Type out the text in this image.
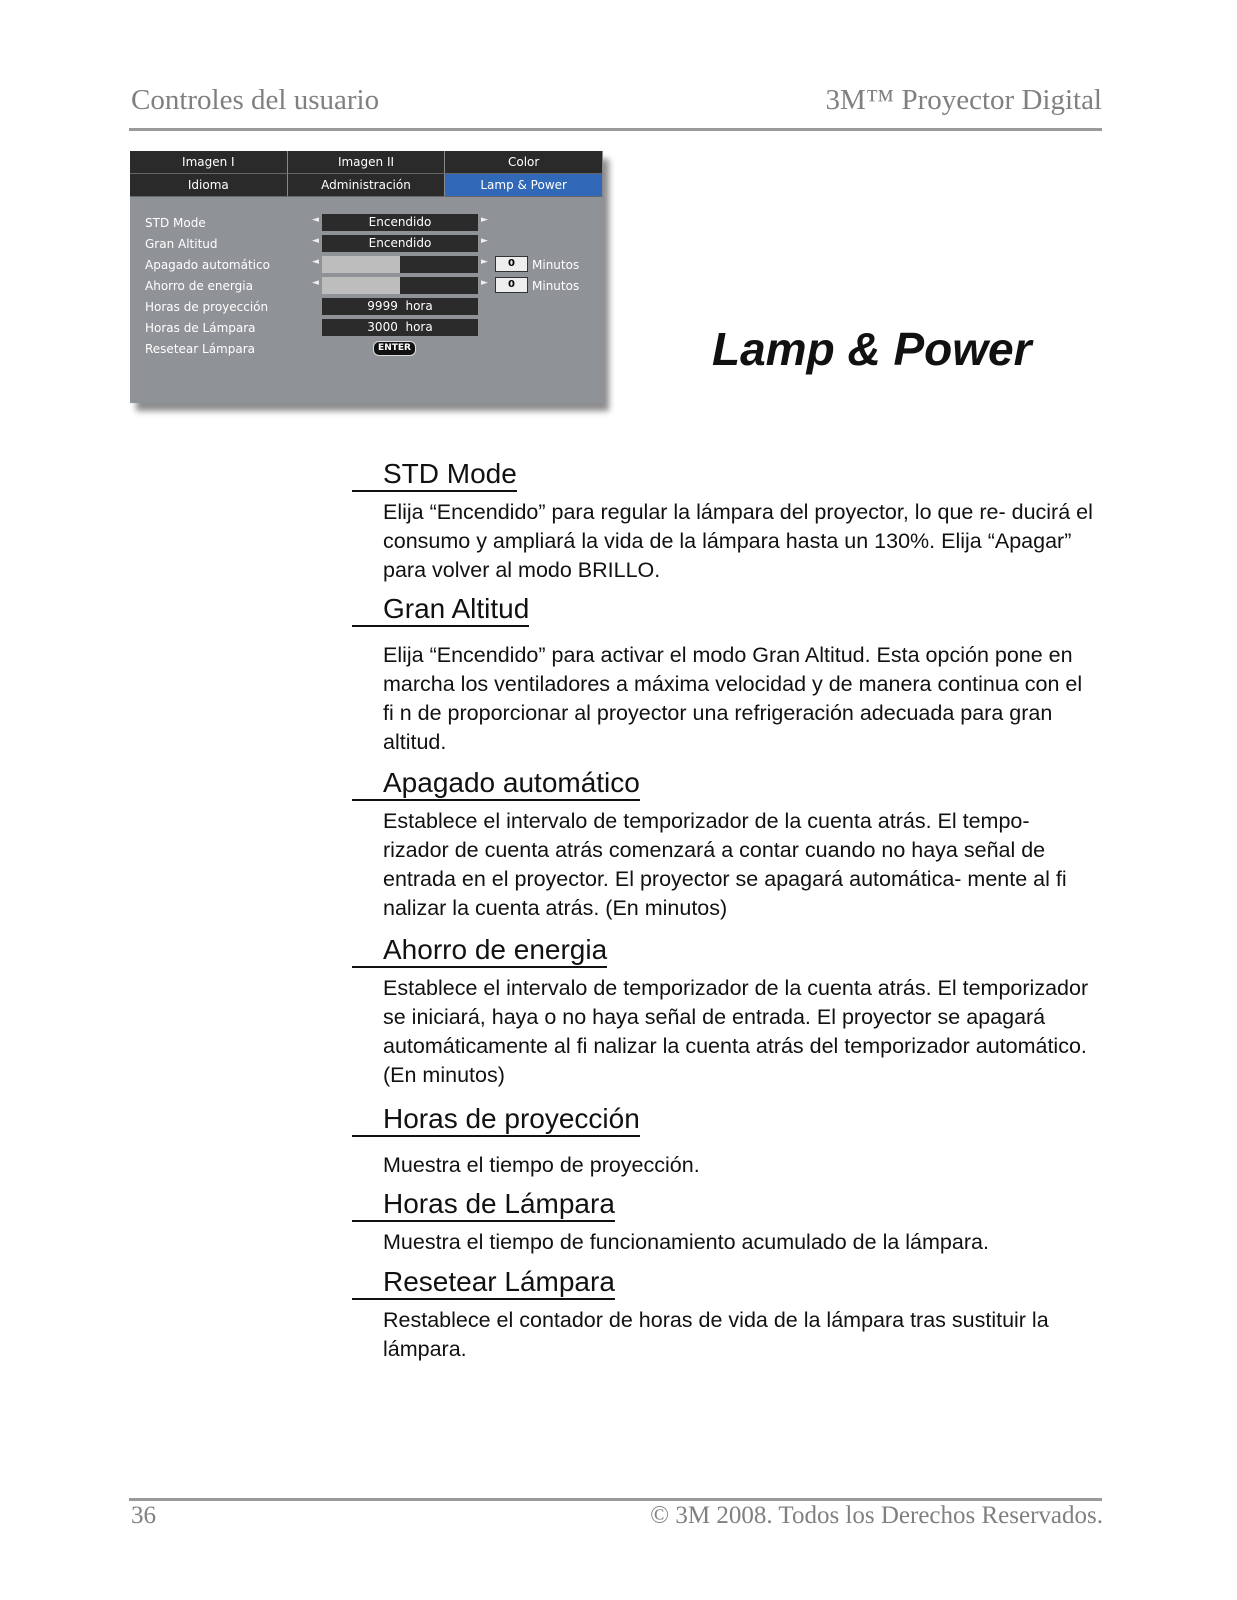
Controles del usuario	3M™ Proyector Digital
Imagen I	Imagen II	Color
Idioma	Administración	Lamp & Power
STD Mode	◄	Encendido	►
Gran Altitud	◄	Encendido	►
Apagado automático	◄	►	0	Minutos
Ahorro de energia	◄	►	0	Minutos
Horas de proyección	9999  hora
Horas de Lámpara	3000  hora
Resetear Lámpara	ENTER	Lamp & Power
STD Mode
Elija “Encendido” para regular la lámpara del proyector, lo que re- ducirá el consumo y ampliará la vida de la lámpara hasta un 130%. Elija “Apagar” para volver al modo BRILLO.
Gran Altitud
Elija “Encendido” para activar el modo Gran Altitud. Esta opción pone en marcha los ventiladores a máxima velocidad y de manera continua con el fi n de proporcionar al proyector una refrigeración adecuada para gran altitud.
Apagado automático
Establece el intervalo de temporizador de la cuenta atrás. El tempo- rizador de cuenta atrás comenzará a contar cuando no haya señal de entrada en el proyector. El proyector se apagará automática- mente al fi nalizar la cuenta atrás. (En minutos)
Ahorro de energia
Establece el intervalo de temporizador de la cuenta atrás. El temporizador se iniciará, haya o no haya señal de entrada. El proyector se apagará automáticamente al fi nalizar la cuenta atrás del temporizador automático. (En minutos)
Horas de proyección
Muestra el tiempo de proyección.
Horas de Lámpara
Muestra el tiempo de funcionamiento acumulado de la lámpara.
Resetear Lámpara
Restablece el contador de horas de vida de la lámpara tras sustituir la lámpara.
36	© 3M 2008. Todos los Derechos Reservados.
